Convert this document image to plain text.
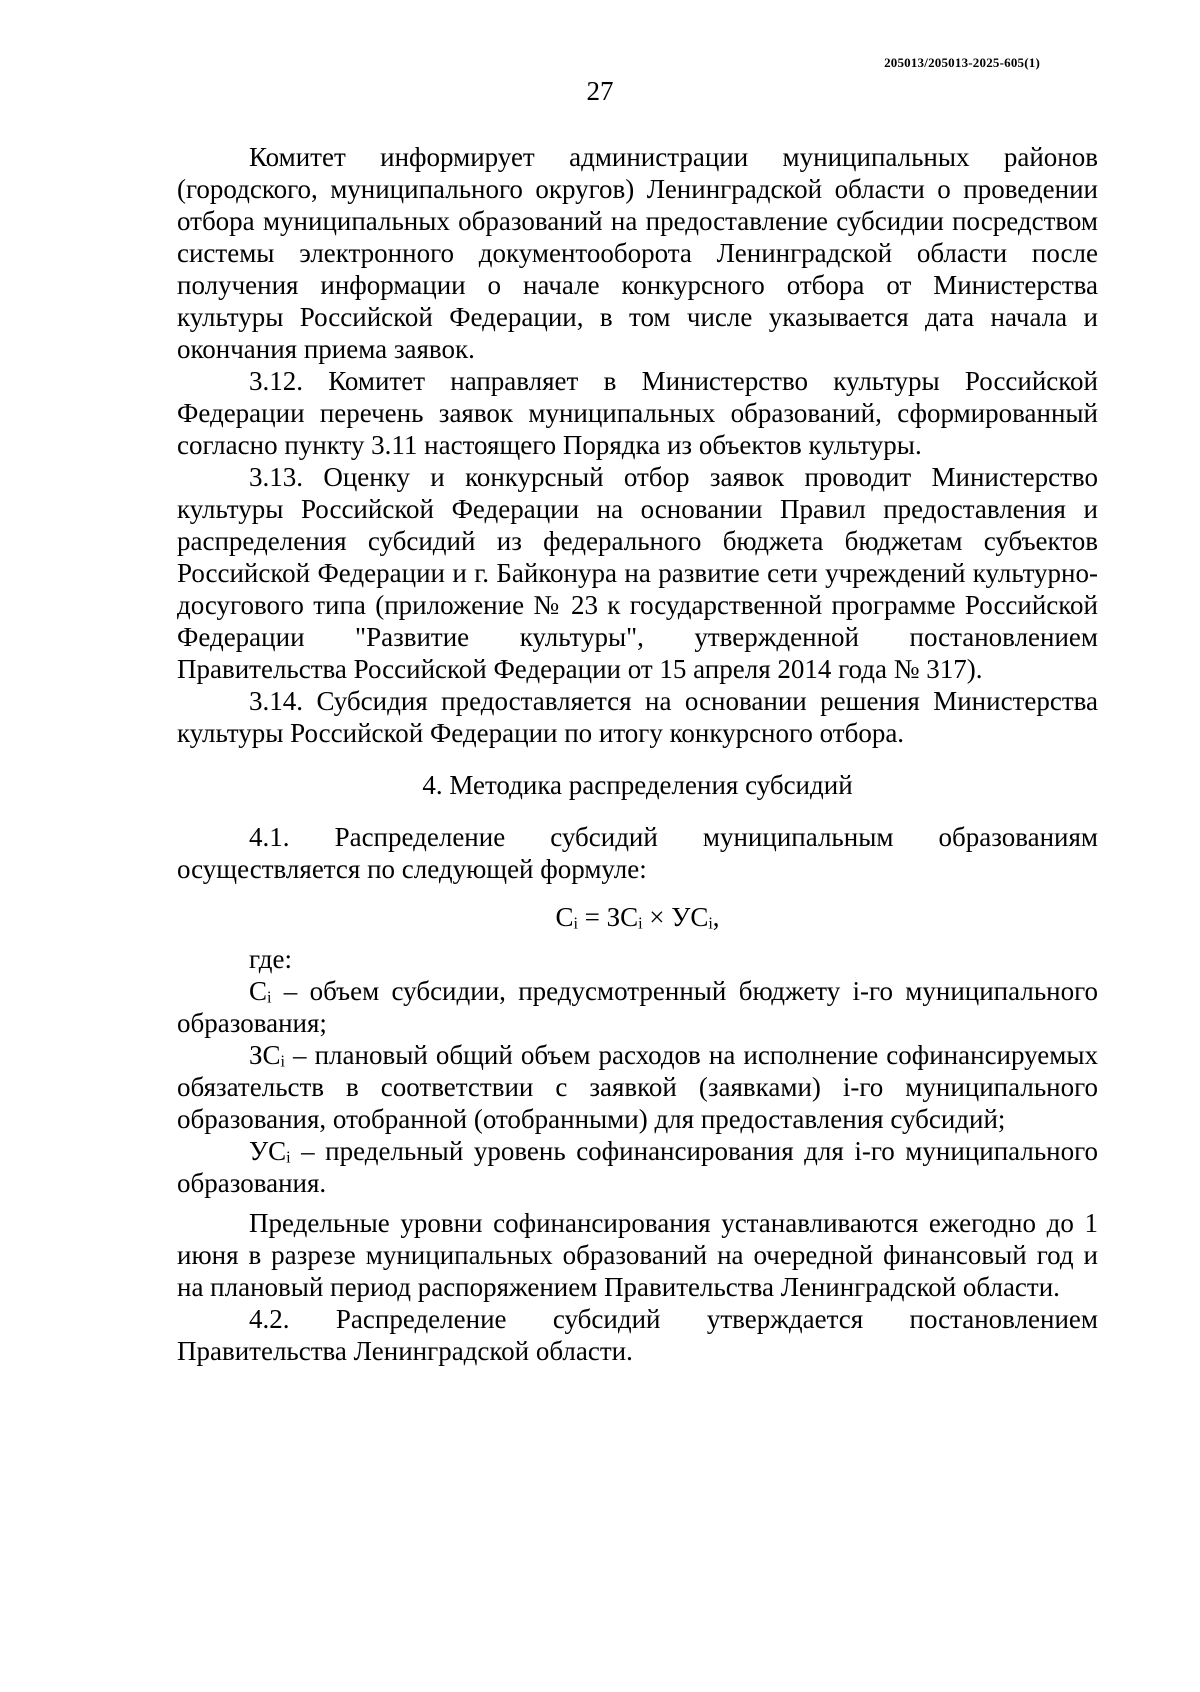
205013/205013-2025-605(1)
27

Комитет информирует администрации муниципальных районов (городского, муниципального округов) Ленинградской области о проведении отбора муниципальных образований на предоставление субсидии посредством системы электронного документооборота Ленинградской области после получения информации о начале конкурсного отбора от Министерства культуры Российской Федерации, в том числе указывается дата начала и окончания приема заявок.

3.12. Комитет направляет в Министерство культуры Российской Федерации перечень заявок муниципальных образований, сформированный согласно пункту 3.11 настоящего Порядка из объектов культуры.

3.13. Оценку и конкурсный отбор заявок проводит Министерство культуры Российской Федерации на основании Правил предоставления и распределения субсидий из федерального бюджета бюджетам субъектов Российской Федерации и г. Байконура на развитие сети учреждений культурно-досугового типа (приложение № 23 к государственной программе Российской Федерации "Развитие культуры", утвержденной постановлением Правительства Российской Федерации от 15 апреля 2014 года № 317).

3.14. Субсидия предоставляется на основании решения Министерства культуры Российской Федерации по итогу конкурсного отбора.

4. Методика распределения субсидий

4.1. Распределение субсидий муниципальным образованиям осуществляется по следующей формуле:

Cᵢ = ЗСᵢ × УСᵢ,

где:

Cᵢ – объем субсидии, предусмотренный бюджету i-го муниципального образования;

ЗСᵢ – плановый общий объем расходов на исполнение софинансируемых обязательств в соответствии с заявкой (заявками) i-го муниципального образования, отобранной (отобранными) для предоставления субсидий;

УСᵢ – предельный уровень софинансирования для i-го муниципального образования.

Предельные уровни софинансирования устанавливаются ежегодно до 1 июня в разрезе муниципальных образований на очередной финансовый год и на плановый период распоряжением Правительства Ленинградской области.

4.2. Распределение субсидий утверждается постановлением Правительства Ленинградской области.
